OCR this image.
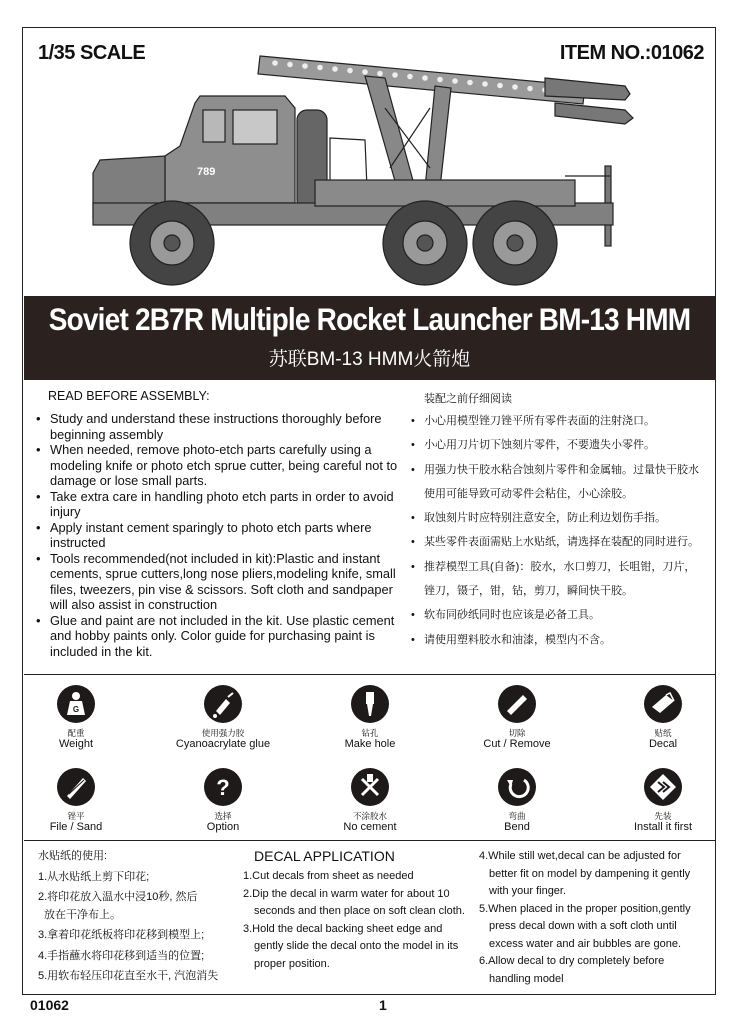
1/35 SCALE	ITEM NO.:01062
789
Soviet 2B7R Multiple Rocket Launcher BM-13 HMM
苏联BM-13 HMM火箭炮
READ BEFORE ASSEMBLY:
• Study and understand these instructions thoroughly before beginning assembly
• When needed, remove photo-etch parts carefully using a modeling knife or photo etch sprue cutter, being careful not to damage or lose small parts.
• Take extra care in handling photo etch parts in order to avoid injury
• Apply instant cement sparingly to photo etch parts where instructed
• Tools recommended(not included in kit):Plastic and instant cements, sprue cutters,long nose pliers,modeling knife, small files, tweezers, pin vise & scissors. Soft cloth and sandpaper will also assist in construction
• Glue and paint are not included in the kit. Use plastic cement and hobby paints only. Color guide for purchasing paint is included in the kit.
装配之前仔细阅读
• 小心用模型锉刀锉平所有零件表面的注射浇口。
• 小心用刀片切下蚀刻片零件，不要遗失小零件。
• 用强力快干胶水粘合蚀刻片零件和金属轴。过量快干胶水
使用可能导致可动零件会粘住，小心涂胶。
• 取蚀刻片时应特别注意安全，防止利边划伤手指。
• 某些零件表面需贴上水贴纸，请选择在装配的同时进行。
• 推荐模型工具(自备)：胶水，水口剪刀，长咀钳，刀片，
锉刀，镊子，钳，钻，剪刀，瞬间快干胶。
• 软布同砂纸同时也应该是必备工具。
• 请使用塑料胶水和油漆，模型内不含。
G
配重
Weight
使用强力胶
Cyanoacrylate glue
钻孔
Make hole
切除
Cut / Remove
贴纸
Decal
锉平
File / Sand
?
选择
Option
不涂胶水
No cement
弯曲
Bend
先装
Install it first
水贴纸的使用:
1.从水贴纸上剪下印花;
2.将印花放入温水中浸10秒, 然后
放在干净布上。
3.拿着印花纸板将印花移到模型上;
4.手指蘸水将印花移到适当的位置;
5.用软布轻压印花直至水干, 汽泡消失
DECAL APPLICATION
1.Cut decals from sheet as needed
2.Dip the decal in warm water for about 10
seconds and then place on soft clean cloth.
3.Hold the decal backing sheet edge and
gently slide the decal onto the model in its
proper position.
4.While still wet,decal can be adjusted for
better fit on model by dampening it gently
with your finger.
5.When placed in the proper position,gently
press decal down with a soft cloth until
excess water and air bubbles are gone.
6.Allow decal to dry completely before
handling model
01062	1
